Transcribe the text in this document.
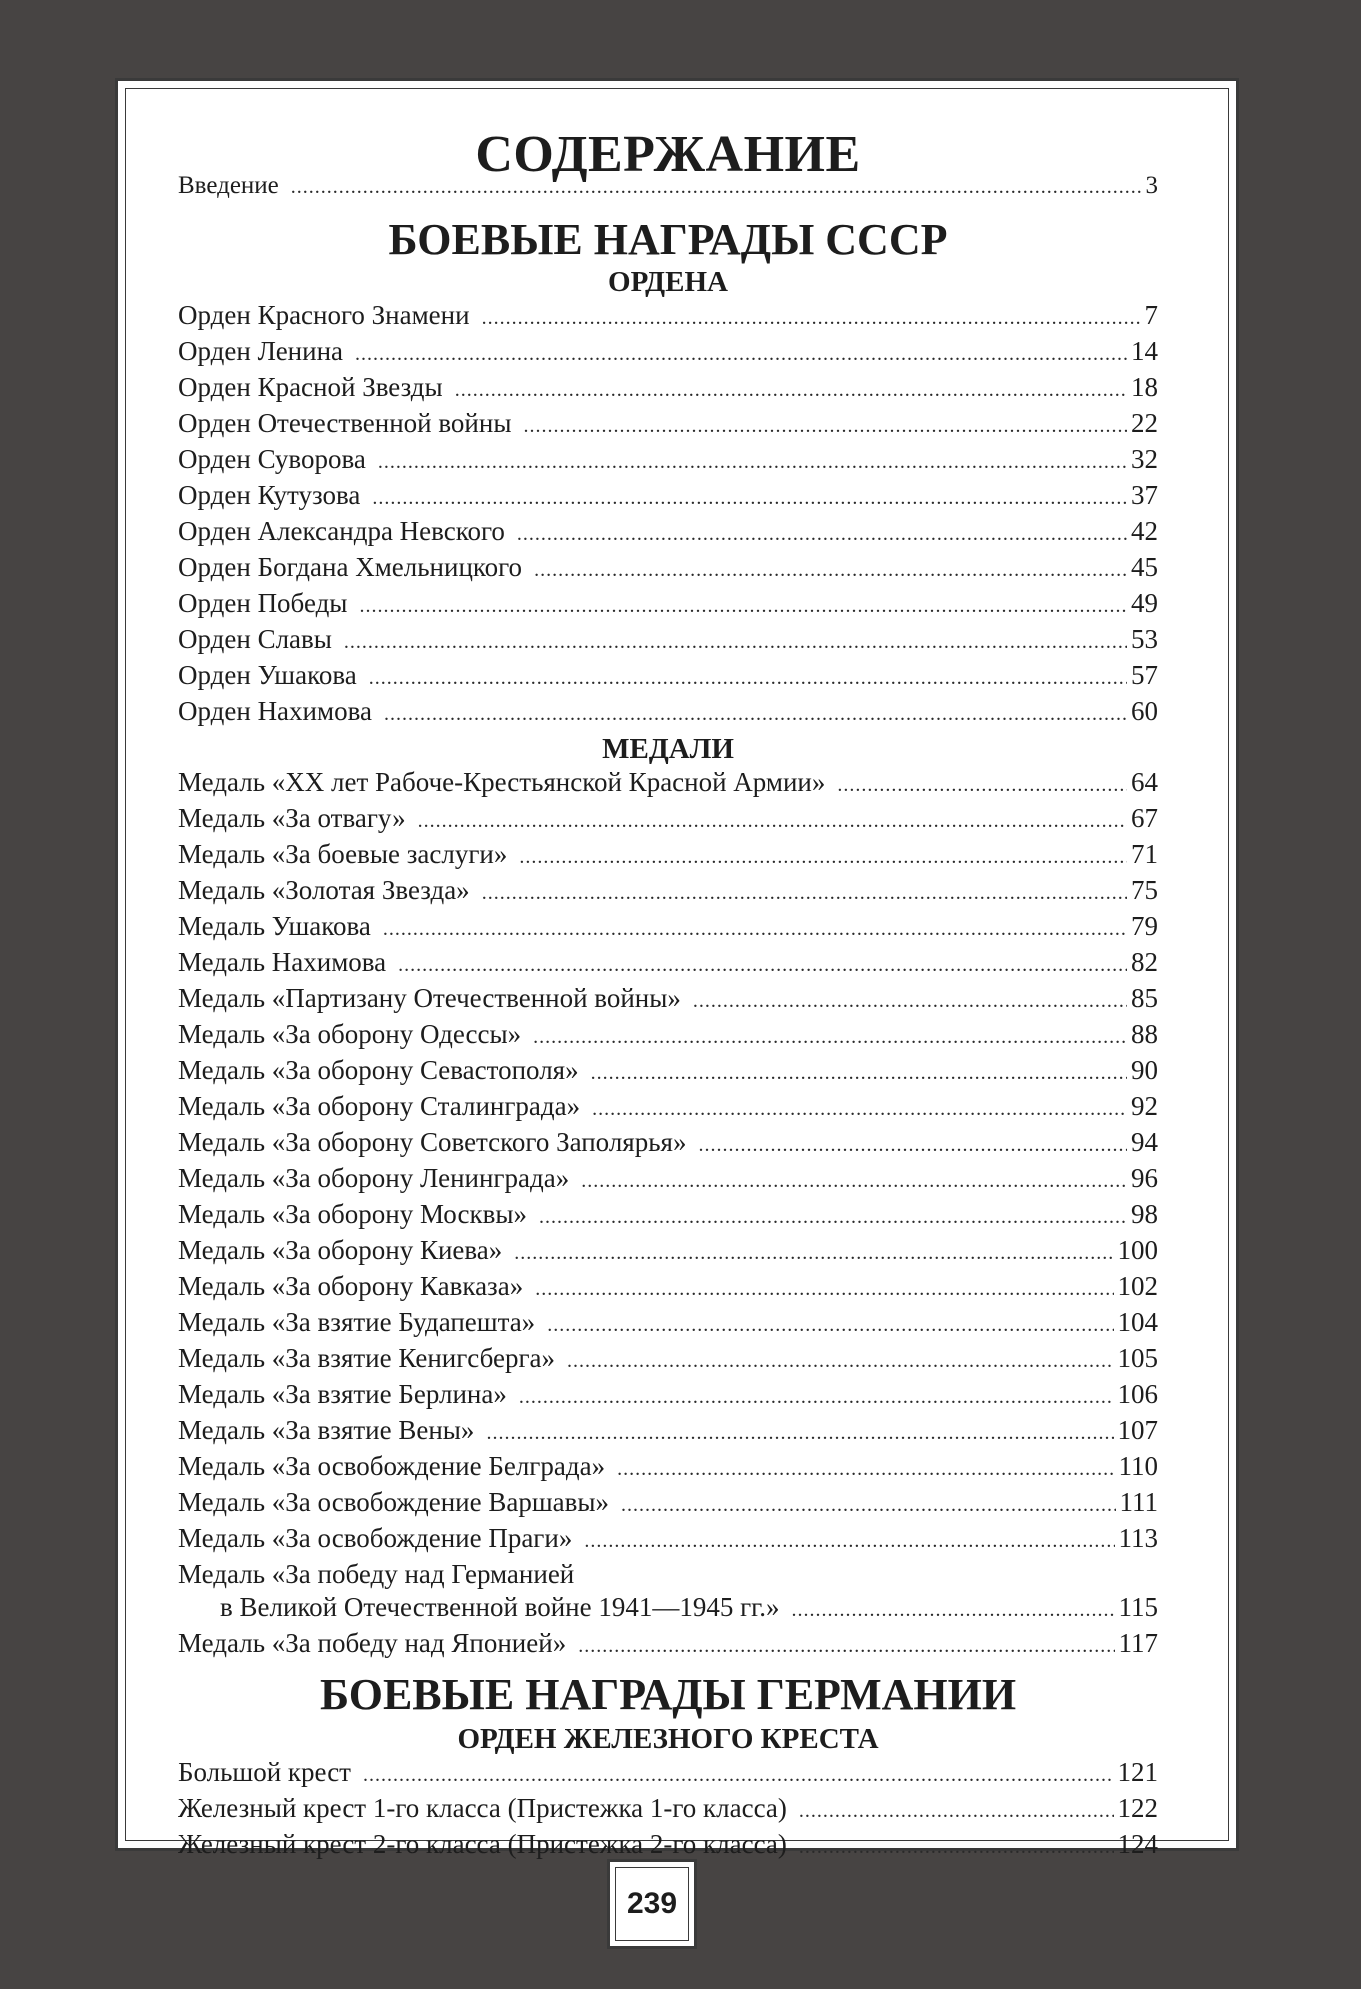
СОДЕРЖАНИЕ
Введение .....	3
БОЕВЫЕ НАГРАДЫ СССР
ОРДЕНА
Орден Красного Знамени .....	7
Орден Ленина .....	14
Орден Красной Звезды .....	18
Орден Отечественной войны .....	22
Орден Суворова .....	32
Орден Кутузова .....	37
Орден Александра Невского .....	42
Орден Богдана Хмельницкого .....	45
Орден Победы .....	49
Орден Славы .....	53
Орден Ушакова .....	57
Орден Нахимова .....	60
МЕДАЛИ
Медаль «XX лет Рабоче-Крестьянской Красной Армии» .....	64
Медаль «За отвагу» .....	67
Медаль «За боевые заслуги» .....	71
Медаль «Золотая Звезда» .....	75
Медаль Ушакова .....	79
Медаль Нахимова .....	82
Медаль «Партизану Отечественной войны» .....	85
Медаль «За оборону Одессы» .....	88
Медаль «За оборону Севастополя» .....	90
Медаль «За оборону Сталинграда» .....	92
Медаль «За оборону Советского Заполярья» .....	94
Медаль «За оборону Ленинграда» .....	96
Медаль «За оборону Москвы» .....	98
Медаль «За оборону Киева» .....	100
Медаль «За оборону Кавказа» .....	102
Медаль «За взятие Будапешта» .....	104
Медаль «За взятие Кенигсберга» .....	105
Медаль «За взятие Берлина» .....	106
Медаль «За взятие Вены» .....	107
Медаль «За освобождение Белграда» .....	110
Медаль «За освобождение Варшавы» .....	111
Медаль «За освобождение Праги» .....	113
Медаль «За победу над Германией
в Великой Отечественной войне 1941—1945 гг.» .....	115
Медаль «За победу над Японией» .....	117
БОЕВЫЕ НАГРАДЫ ГЕРМАНИИ
ОРДЕН ЖЕЛЕЗНОГО КРЕСТА
Большой крест .....	121
Железный крест 1-го класса (Пристежка 1-го класса) .....	122
Железный крест 2-го класса (Пристежка 2-го класса) .....	124
239
